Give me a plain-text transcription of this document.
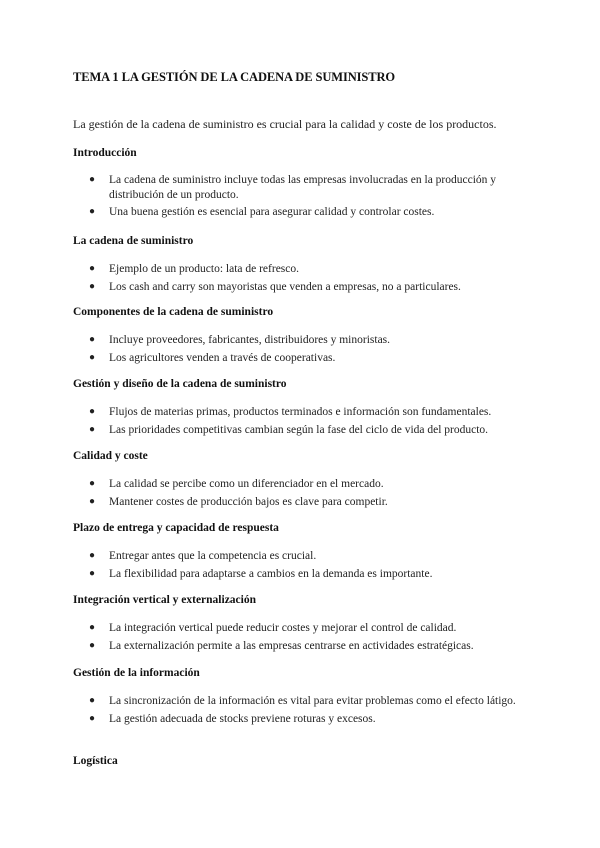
TEMA 1 LA GESTIÓN DE LA CADENA DE SUMINISTRO

La gestión de la cadena de suministro es crucial para la calidad y coste de los productos.

Introducción
● La cadena de suministro incluye todas las empresas involucradas en la producción y distribución de un producto.
● Una buena gestión es esencial para asegurar calidad y controlar costes.
La cadena de suministro
● Ejemplo de un producto: lata de refresco.
● Los cash and carry son mayoristas que venden a empresas, no a particulares.
Componentes de la cadena de suministro
● Incluye proveedores, fabricantes, distribuidores y minoristas.
● Los agricultores venden a través de cooperativas.
Gestión y diseño de la cadena de suministro
● Flujos de materias primas, productos terminados e información son fundamentales.
● Las prioridades competitivas cambian según la fase del ciclo de vida del producto.
Calidad y coste
● La calidad se percibe como un diferenciador en el mercado.
● Mantener costes de producción bajos es clave para competir.
Plazo de entrega y capacidad de respuesta
● Entregar antes que la competencia es crucial.
● La flexibilidad para adaptarse a cambios en la demanda es importante.
Integración vertical y externalización
● La integración vertical puede reducir costes y mejorar el control de calidad.
● La externalización permite a las empresas centrarse en actividades estratégicas.
Gestión de la información
● La sincronización de la información es vital para evitar problemas como el efecto látigo.
● La gestión adecuada de stocks previene roturas y excesos.
Logística
